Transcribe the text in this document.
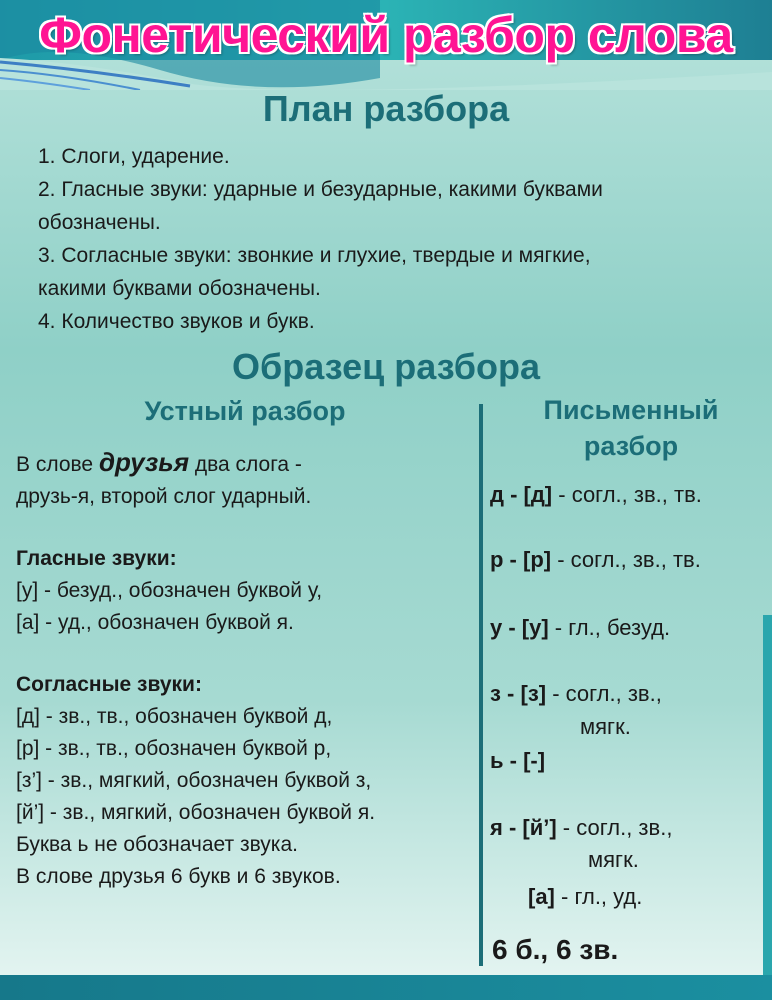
Фонетический разбор слова
План разбора
1. Слоги, ударение.
2. Гласные звуки: ударные и безударные, какими буквами
обозначены.
3. Согласные звуки: звонкие и глухие, твердые и мягкие,
какими буквами обозначены.
4. Количество звуков и букв.
Образец разбора
Устный разбор	Письменный
разбор

В слове друзья два слога -

друзь-я, второй слог ударный.

Гласные звуки:

[у] - безуд., обозначен буквой у,

[а] - уд., обозначен буквой я.

Согласные звуки:

[д] - зв., тв., обозначен буквой д,

[р] - зв., тв., обозначен буквой р,

[з’] - зв., мягкий, обозначен буквой з,

[й’] - зв., мягкий, обозначен буквой я.

Буква ь не обозначает звука.

В слове друзья 6 букв и 6 звуков.

д - [д] - согл., зв., тв.
р - [р] - согл., зв., тв.
у - [у] - гл., безуд.
з - [з] - согл., зв.,
мягк.
ь - [-]
я - [й’] - согл., зв.,
мягк.
[а] - гл., уд.
6 б., 6 зв.
